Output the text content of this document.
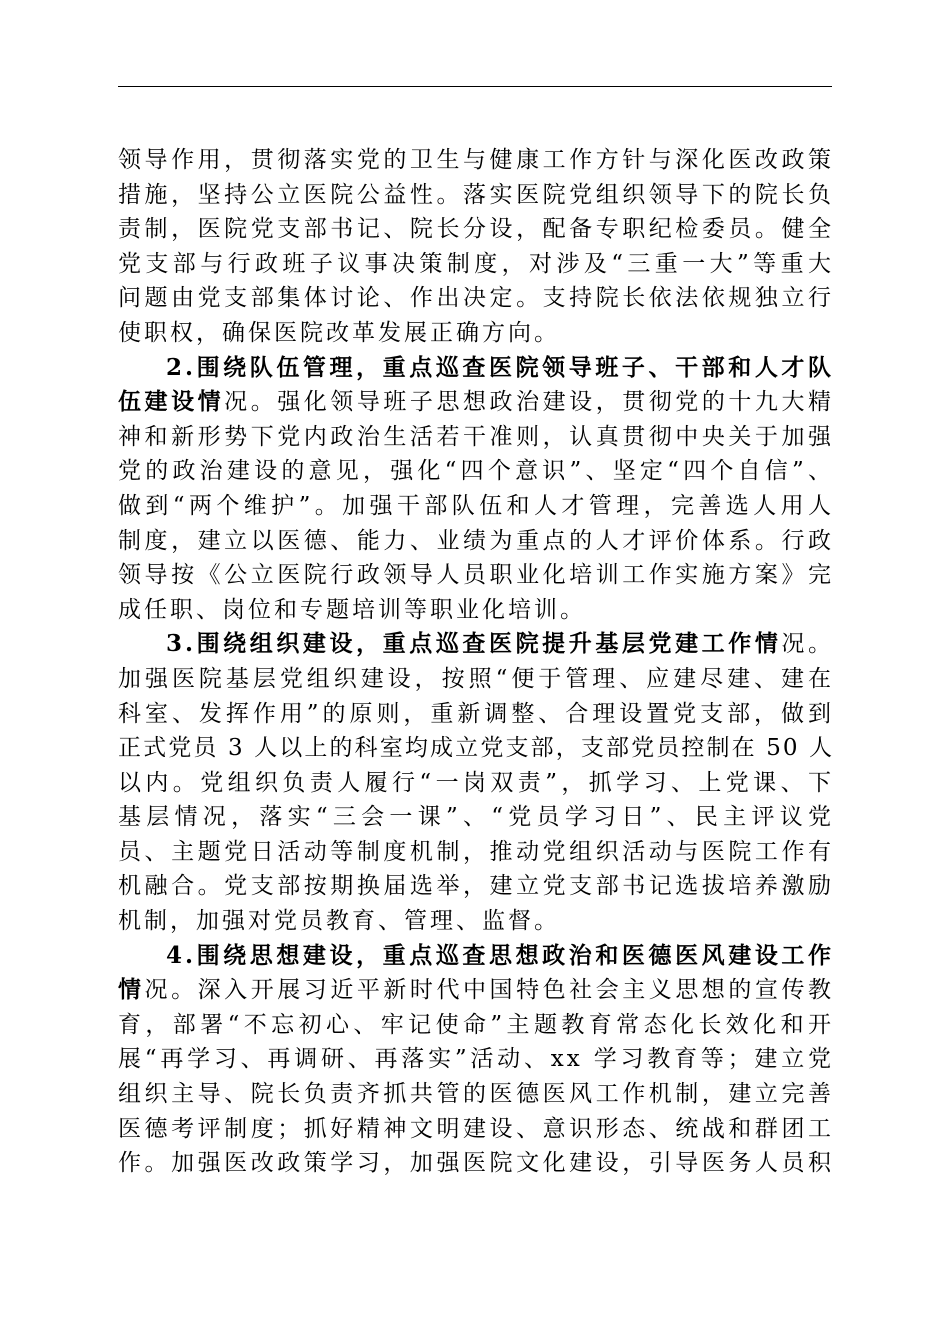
领导作用，贯彻落实党的卫生与健康工作方针与深化医改政策
措施，坚持公立医院公益性。落实医院党组织领导下的院长负
责制，医院党支部书记、院长分设，配备专职纪检委员。健全
党支部与行政班子议事决策制度，对涉及“三重一大”等重大
问题由党支部集体讨论、作出决定。支持院长依法依规独立行
使职权，确保医院改革发展正确方向。
2.围绕队伍管理，重点巡查医院领导班子、干部和人才队
伍建设情况。强化领导班子思想政治建设，贯彻党的十九大精
神和新形势下党内政治生活若干准则，认真贯彻中央关于加强
党的政治建设的意见，强化“四个意识”、坚定“四个自信”、
做到“两个维护”。加强干部队伍和人才管理，完善选人用人
制度，建立以医德、能力、业绩为重点的人才评价体系。行政
领导按《公立医院行政领导人员职业化培训工作实施方案》完
成任职、岗位和专题培训等职业化培训。
3.围绕组织建设，重点巡查医院提升基层党建工作情况。
加强医院基层党组织建设，按照“便于管理、应建尽建、建在
科室、发挥作用”的原则，重新调整、合理设置党支部，做到
正式党员 3 人以上的科室均成立党支部，支部党员控制在 50 人
以内。党组织负责人履行“一岗双责”，抓学习、上党课、下
基层情况，落实“三会一课”、“党员学习日”、民主评议党
员、主题党日活动等制度机制，推动党组织活动与医院工作有
机融合。党支部按期换届选举，建立党支部书记选拔培养激励
机制，加强对党员教育、管理、监督。
4.围绕思想建设，重点巡查思想政治和医德医风建设工作
情况。深入开展习近平新时代中国特色社会主义思想的宣传教
育，部署“不忘初心、牢记使命”主题教育常态化长效化和开
展“再学习、再调研、再落实”活动、xx 学习教育等；建立党
组织主导、院长负责齐抓共管的医德医风工作机制，建立完善
医德考评制度；抓好精神文明建设、意识形态、统战和群团工
作。加强医改政策学习，加强医院文化建设，引导医务人员积
